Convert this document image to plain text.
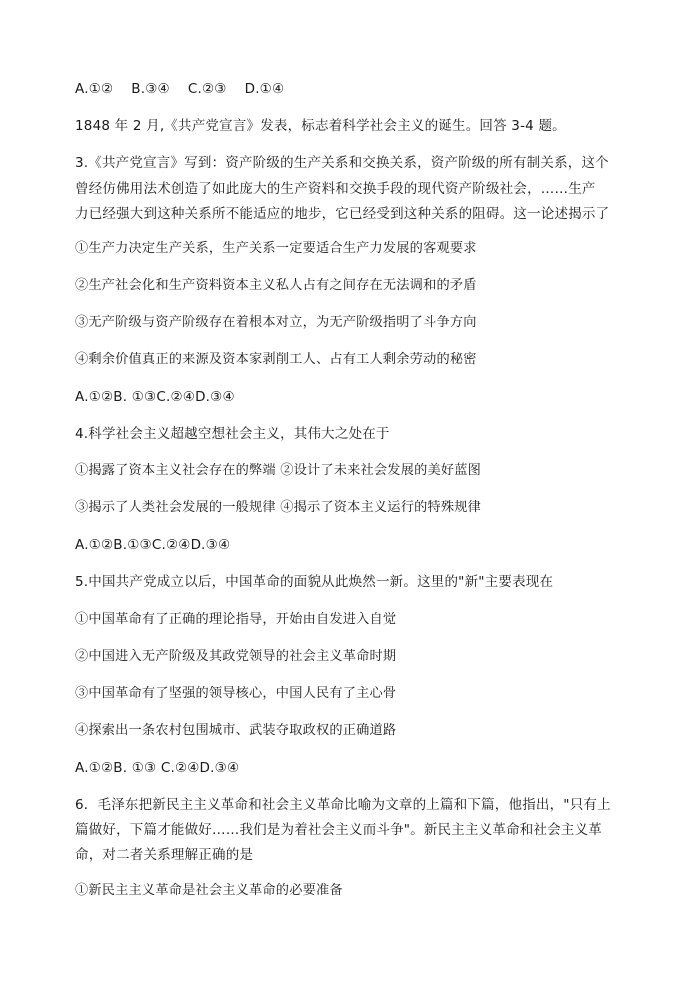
A.①② B.③④ C.②③ D.①④
1848 年 2 月,《共产党宣言》发表，标志着科学社会主义的诞生。回答 3-4 题。
3.《共产党宣言》写到：资产阶级的生产关系和交换关系，资产阶级的所有制关系，这个
曾经仿佛用法术创造了如此庞大的生产资料和交换手段的现代资产阶级社会，……生产
力已经强大到这种关系所不能适应的地步，它已经受到这种关系的阻碍。这一论述揭示了
①生产力决定生产关系，生产关系一定要适合生产力发展的客观要求
②生产社会化和生产资料资本主义私人占有之间存在无法调和的矛盾
③无产阶级与资产阶级存在着根本对立，为无产阶级指明了斗争方向
④剩余价值真正的来源及资本家剥削工人、占有工人剩余劳动的秘密
A.①②B. ①③C.②④D.③④
4.科学社会主义超越空想社会主义，其伟大之处在于
①揭露了资本主义社会存在的弊端 ②设计了未来社会发展的美好蓝图
③揭示了人类社会发展的一般规律 ④揭示了资本主义运行的特殊规律
A.①②B.①③C.②④D.③④
5.中国共产党成立以后，中国革命的面貌从此焕然一新。这里的"新"主要表现在
①中国革命有了正确的理论指导，开始由自发进入自觉
②中国进入无产阶级及其政党领导的社会主义革命时期
③中国革命有了坚强的领导核心，中国人民有了主心骨
④探索出一条农村包围城市、武装夺取政权的正确道路
A.①②B. ①③ C.②④D.③④
6．毛泽东把新民主主义革命和社会主义革命比喻为文章的上篇和下篇，他指出，"只有上
篇做好，下篇才能做好……我们是为着社会主义而斗争"。新民主主义革命和社会主义革
命，对二者关系理解正确的是
①新民主主义革命是社会主义革命的必要准备
